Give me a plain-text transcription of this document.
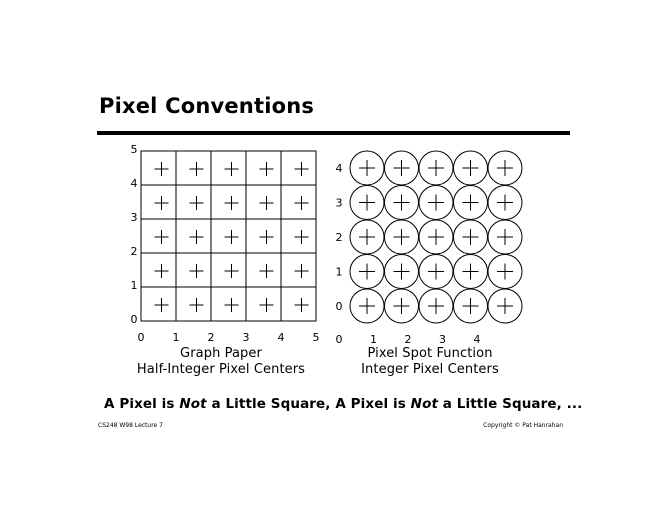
Pixel Conventions
0
1
2
3
4
5
0	1	2	3	4	5
0
1
2
3
4
0	1	2	3	4
Graph Paper
Half-Integer Pixel Centers
Pixel Spot Function
Integer Pixel Centers
A Pixel is Not a Little Square, A Pixel is Not a Little Square, ...
CS248 W98 Lecture 7	Copyright © Pat Hanrahan
